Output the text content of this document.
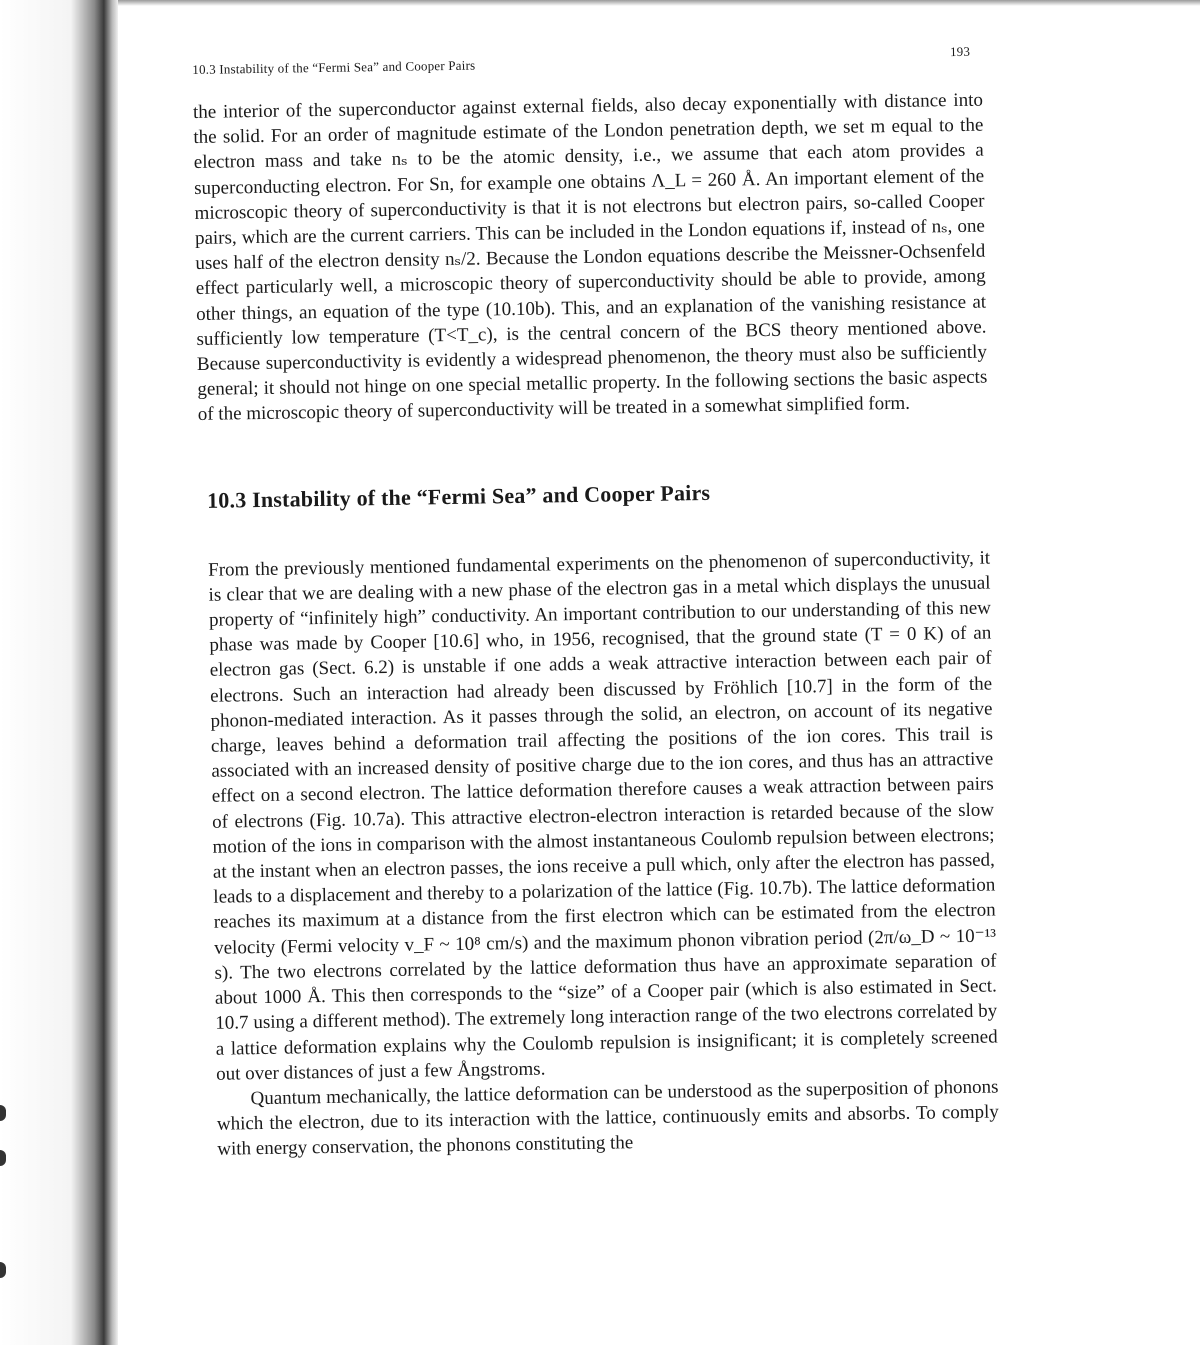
10.3 Instability of the “Fermi Sea” and Cooper Pairs
193

the interior of the superconductor against external fields, also decay exponentially with distance into the solid. For an order of magnitude estimate of the London penetration depth, we set m equal to the electron mass and take nₛ to be the atomic density, i.e., we assume that each atom provides a superconducting electron. For Sn, for example one obtains Λ_L = 260 Å. An important element of the microscopic theory of superconductivity is that it is not electrons but electron pairs, so-called Cooper pairs, which are the current carriers. This can be included in the London equations if, instead of nₛ, one uses half of the electron density nₛ/2. Because the London equations describe the Meissner-Ochsenfeld effect particularly well, a microscopic theory of superconductivity should be able to provide, among other things, an equation of the type (10.10b). This, and an explanation of the vanishing resistance at sufficiently low temperature (T<T_c), is the central concern of the BCS theory mentioned above. Because superconductivity is evidently a widespread phenomenon, the theory must also be sufficiently general; it should not hinge on one special metallic property. In the following sections the basic aspects of the microscopic theory of superconductivity will be treated in a somewhat simplified form.

10.3 Instability of the “Fermi Sea” and Cooper Pairs

From the previously mentioned fundamental experiments on the phenomenon of superconductivity, it is clear that we are dealing with a new phase of the electron gas in a metal which displays the unusual property of “infinitely high” conductivity. An important contribution to our understanding of this new phase was made by Cooper [10.6] who, in 1956, recognised, that the ground state (T = 0 K) of an electron gas (Sect. 6.2) is unstable if one adds a weak attractive interaction between each pair of electrons. Such an interaction had already been discussed by Fröhlich [10.7] in the form of the phonon-mediated interaction. As it passes through the solid, an electron, on account of its negative charge, leaves behind a deformation trail affecting the positions of the ion cores. This trail is associated with an increased density of positive charge due to the ion cores, and thus has an attractive effect on a second electron. The lattice deformation therefore causes a weak attraction between pairs of electrons (Fig. 10.7a). This attractive electron-electron interaction is retarded because of the slow motion of the ions in comparison with the almost instantaneous Coulomb repulsion between electrons; at the instant when an electron passes, the ions receive a pull which, only after the electron has passed, leads to a displacement and thereby to a polarization of the lattice (Fig. 10.7b). The lattice deformation reaches its maximum at a distance from the first electron which can be estimated from the electron velocity (Fermi velocity v_F ~ 10⁸ cm/s) and the maximum phonon vibration period (2π/ω_D ~ 10⁻¹³ s). The two electrons correlated by the lattice deformation thus have an approximate separation of about 1000 Å. This then corresponds to the “size” of a Cooper pair (which is also estimated in Sect. 10.7 using a different method). The extremely long interaction range of the two electrons correlated by a lattice deformation explains why the Coulomb repulsion is insignificant; it is completely screened out over distances of just a few Ångstroms.

Quantum mechanically, the lattice deformation can be understood as the superposition of phonons which the electron, due to its interaction with the lattice, continuously emits and absorbs. To comply with energy conservation, the phonons constituting the
